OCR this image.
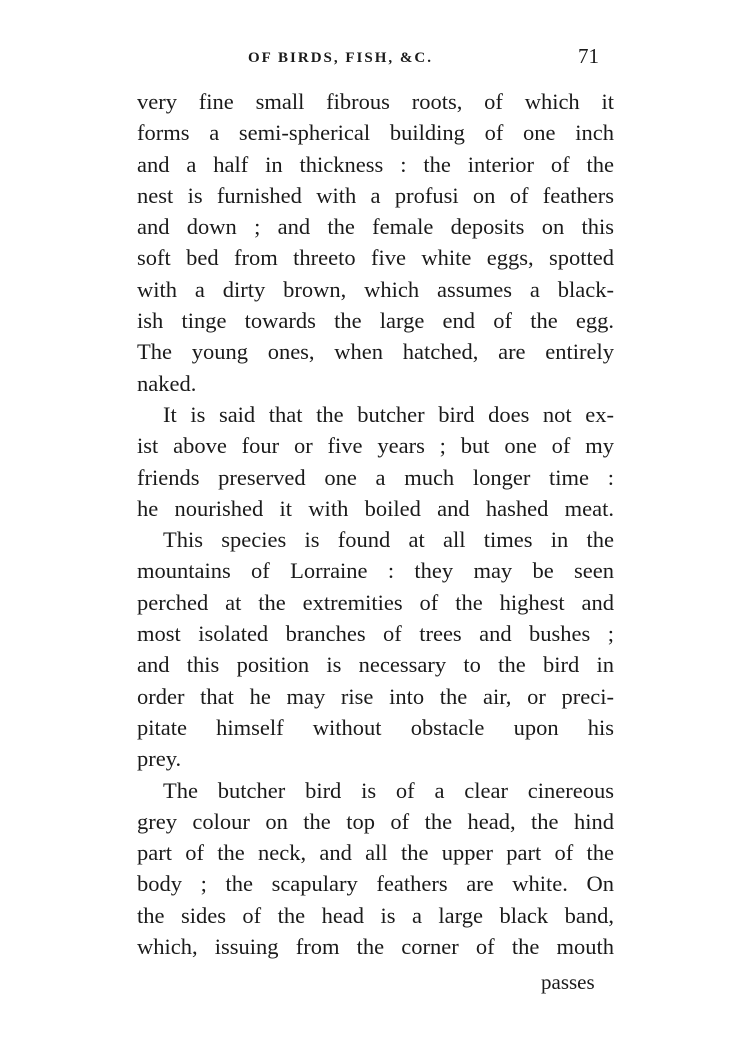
OF BIRDS, FISH, &C.	71
very fine small fibrous roots, of which it
forms a semi-spherical building of one inch
and a half in thickness : the interior of the
nest is furnished with a profusi on of feathers
and down ; and the female deposits on this
soft bed from threeto five white eggs, spotted
with a dirty brown, which assumes a black-
ish tinge towards the large end of the egg.
The young ones, when hatched, are entirely
naked.
It is said that the butcher bird does not ex-
ist above four or five years ; but one of my
friends preserved one a much longer time :
he nourished it with boiled and hashed meat.
This species is found at all times in the
mountains of Lorraine : they may be seen
perched at the extremities of the highest and
most isolated branches of trees and bushes ;
and this position is necessary to the bird in
order that he may rise into the air, or preci-
pitate himself without obstacle upon his
prey.
The butcher bird is of a clear cinereous
grey colour on the top of the head, the hind
part of the neck, and all the upper part of the
body ; the scapulary feathers are white. On
the sides of the head is a large black band,
which, issuing from the corner of the mouth
passes
